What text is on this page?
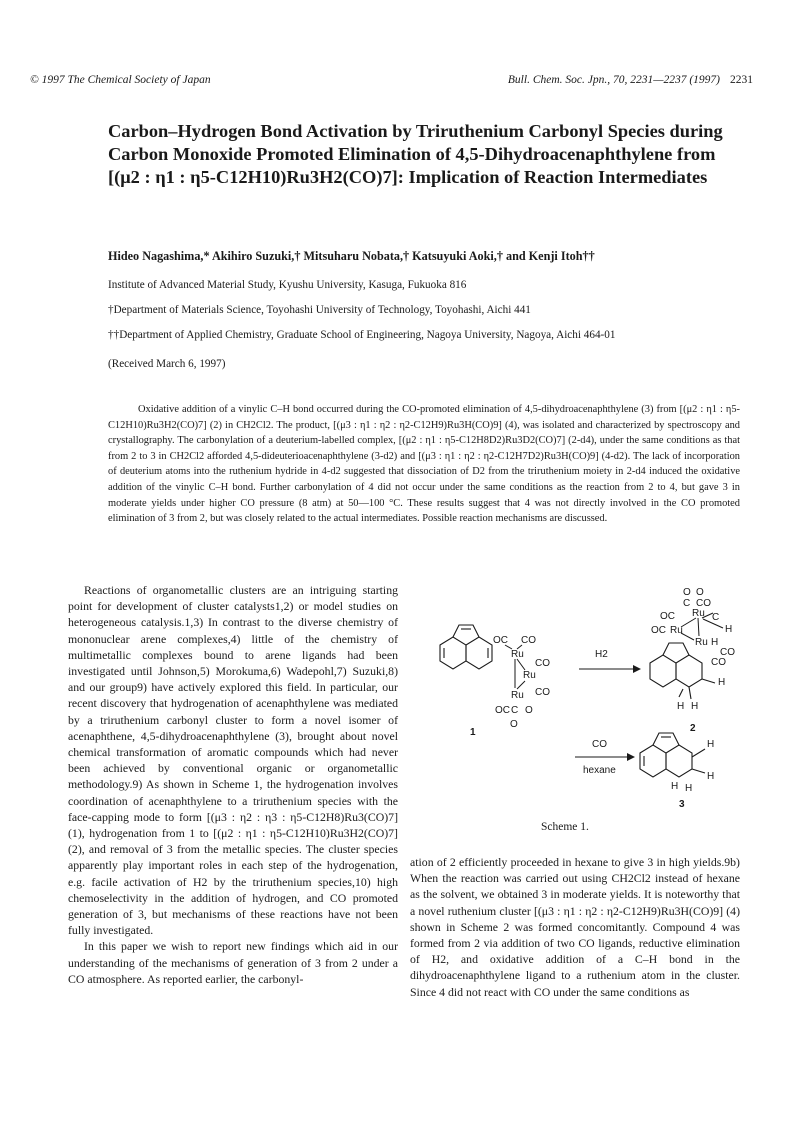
© 1997 The Chemical Society of Japan	Bull. Chem. Soc. Jpn., 70, 2231—2237 (1997) 2231
Carbon–Hydrogen Bond Activation by Triruthenium Carbonyl Species during Carbon Monoxide Promoted Elimination of 4,5-Dihydroacenaphthylene from [(μ2 : η1 : η5-C12H10)Ru3H2(CO)7]: Implication of Reaction Intermediates
Hideo Nagashima,* Akihiro Suzuki,† Mitsuharu Nobata,† Katsuyuki Aoki,† and Kenji Itoh††
Institute of Advanced Material Study, Kyushu University, Kasuga, Fukuoka 816
†Department of Materials Science, Toyohashi University of Technology, Toyohashi, Aichi 441
††Department of Applied Chemistry, Graduate School of Engineering, Nagoya University, Nagoya, Aichi 464-01
(Received March 6, 1997)

Oxidative addition of a vinylic C–H bond occurred during the CO-promoted elimination of 4,5-dihydroacenaphthylene (3) from [(μ2 : η1 : η5-C12H10)Ru3H2(CO)7] (2) in CH2Cl2. The product, [(μ3 : η1 : η2 : η2-C12H9)Ru3H(CO)9] (4), was isolated and characterized by spectroscopy and crystallography. The carbonylation of a deuterium-labelled complex, [(μ2 : η1 : η5-C12H8D2)Ru3D2(CO)7] (2-d4), under the same conditions as that from 2 to 3 in CH2Cl2 afforded 4,5-dideuterioacenaphthylene (3-d2) and [(μ3 : η1 : η2 : η2-C12H7D2)Ru3H(CO)9] (4-d2). The lack of incorporation of deuterium atoms into the ruthenium hydride in 4-d2 suggested that dissociation of D2 from the triruthenium moiety in 2-d4 induced the oxidative addition of the vinylic C–H bond. Further carbonylation of 4 did not occur under the same conditions as the reaction from 2 to 4, but gave 3 in moderate yields under higher CO pressure (8 atm) at 50—100 °C. These results suggest that 4 was not directly involved in the CO promoted elimination of 3 from 2, but was closely related to the actual intermediates. Possible reaction mechanisms are discussed.

Reactions of organometallic clusters are an intriguing starting point for development of cluster catalysts1,2) or model studies on heterogeneous catalysis.1,3) In contrast to the diverse chemistry of mononuclear arene complexes,4) little of the chemistry of multimetallic complexes bound to arene ligands had been investigated until Johnson,5) Morokuma,6) Wadepohl,7) Suzuki,8) and our group9) have actively explored this field. In particular, our recent discovery that hydrogenation of acenaphthylene was mediated by a triruthenium carbonyl cluster to form a novel isomer of acenaphthene, 4,5-dihydroacenaphthylene (3), brought about novel chemical transformation of aromatic compounds which had never been achieved by conventional organic or organometallic methodology.9) As shown in Scheme 1, the hydrogenation involves coordination of acenaphthylene to a triruthenium species with the face-capping mode to form [(μ3 : η2 : η3 : η5-C12H8)Ru3(CO)7] (1), hydrogenation from 1 to [(μ2 : η1 : η5-C12H10)Ru3H2(CO)7] (2), and removal of 3 from the metallic species. The cluster species apparently play important roles in each step of the hydrogenation, e.g. facile activation of H2 by the triruthenium species,10) high chemoselectivity in the addition of hydrogen, and CO promoted generation of 3, but mechanisms of these reactions have not been fully investigated.

In this paper we wish to report new findings which aid in our understanding of the mechanisms of generation of 3 from 2 under a CO atmosphere. As reported earlier, the carbonyl-

OC CO
Ru
CO
Ru
CO
Ru
OC C O
O
1
H2
O O
C CO
Ru
OC	C
OC Ru	H
Ru H
CO
CO
H
H H
2
CO
hexane
H
H
H H
3
Scheme 1.

ation of 2 efficiently proceeded in hexane to give 3 in high yields.9b) When the reaction was carried out using CH2Cl2 instead of hexane as the solvent, we obtained 3 in moderate yields. It is noteworthy that a novel ruthenium cluster [(μ3 : η1 : η2 : η2-C12H9)Ru3H(CO)9] (4) shown in Scheme 2 was formed concomitantly. Compound 4 was formed from 2 via addition of two CO ligands, reductive elimination of H2, and oxidative addition of a C–H bond in the dihydroacenaphthylene ligand to a ruthenium atom in the cluster. Since 4 did not react with CO under the same conditions as
